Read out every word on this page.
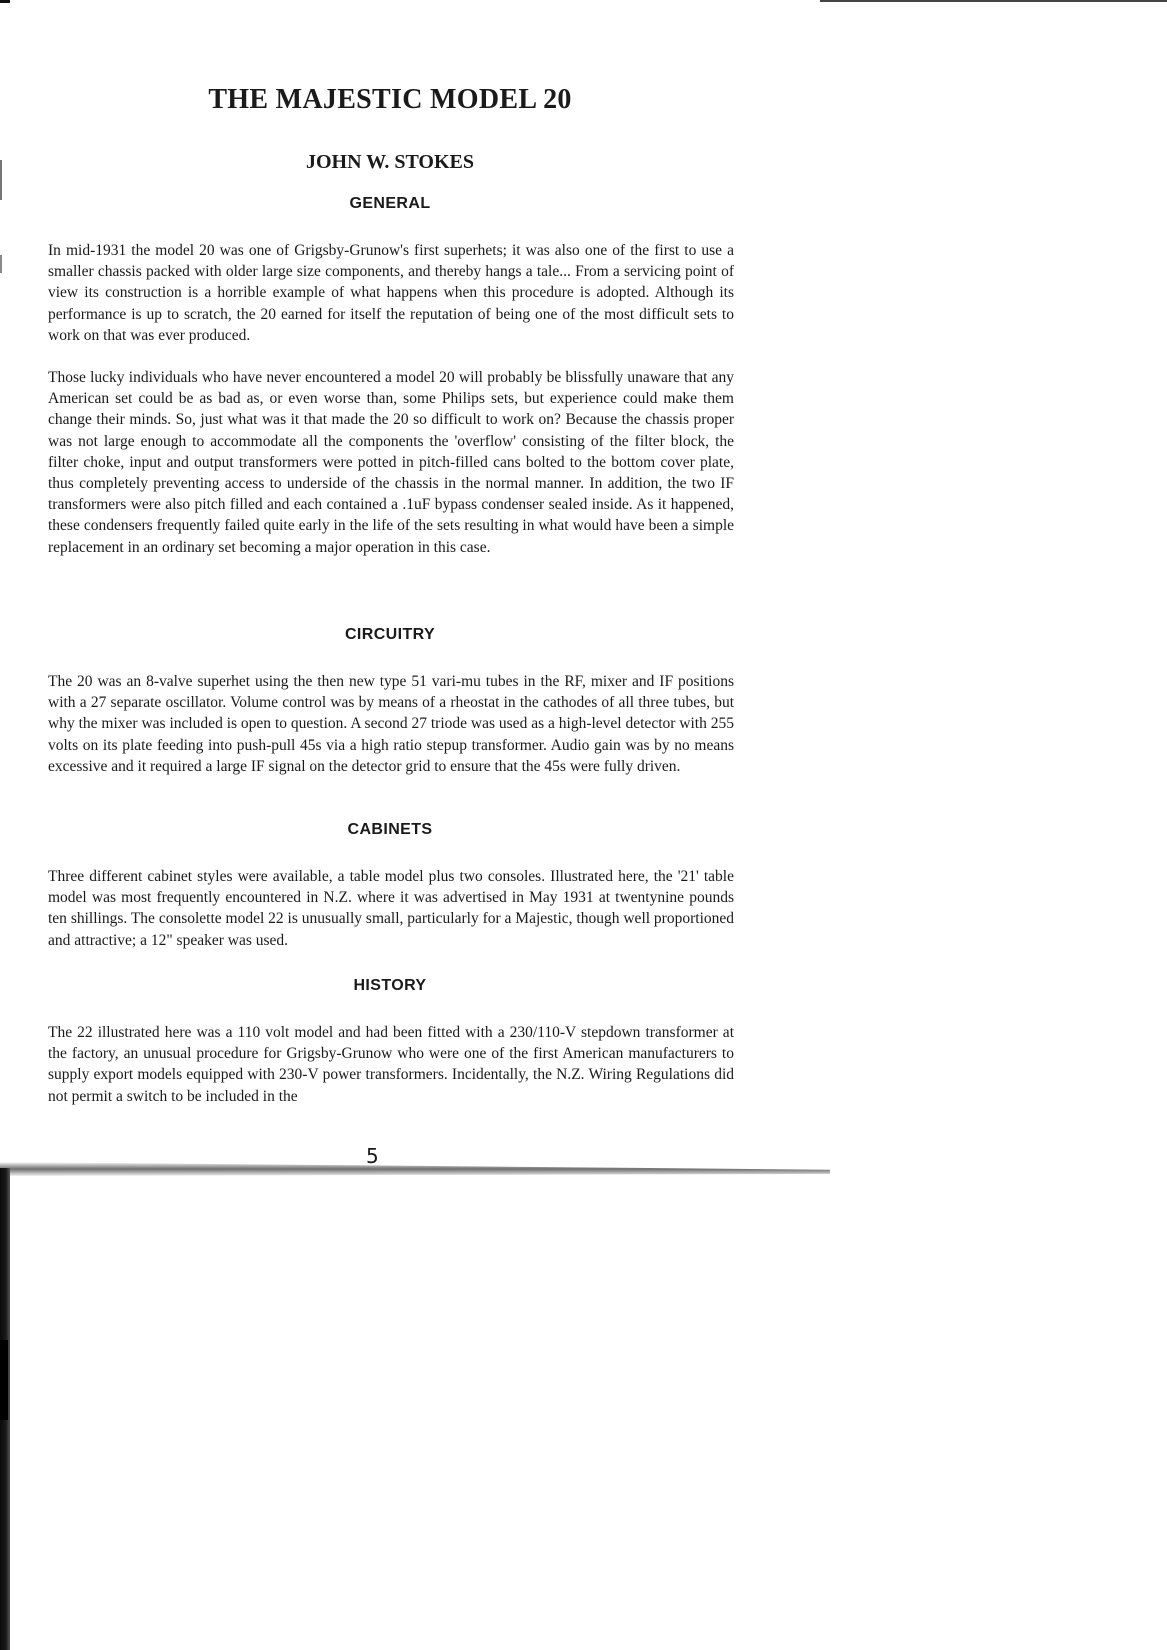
THE MAJESTIC MODEL 20
JOHN W. STOKES
GENERAL

In mid-1931 the model 20 was one of Grigsby-Grunow's first superhets; it was also one of the first to use a smaller chassis packed with older large size components, and thereby hangs a tale... From a servicing point of view its construction is a horrible example of what happens when this procedure is adopted. Although its performance is up to scratch, the 20 earned for itself the reputation of being one of the most difficult sets to work on that was ever produced.

Those lucky individuals who have never encountered a model 20 will probably be blissfully unaware that any American set could be as bad as, or even worse than, some Philips sets, but experience could make them change their minds. So, just what was it that made the 20 so difficult to work on? Because the chassis proper was not large enough to accommodate all the components the 'overflow' consisting of the filter block, the filter choke, input and output transformers were potted in pitch-filled cans bolted to the bottom cover plate, thus completely preventing access to underside of the chassis in the normal manner. In addition, the two IF transformers were also pitch filled and each contained a .1uF bypass condenser sealed inside. As it happened, these condensers frequently failed quite early in the life of the sets resulting in what would have been a simple replacement in an ordinary set becoming a major operation in this case.

CIRCUITRY

The 20 was an 8-valve superhet using the then new type 51 vari-mu tubes in the RF, mixer and IF positions with a 27 separate oscillator. Volume control was by means of a rheostat in the cathodes of all three tubes, but why the mixer was included is open to question. A second 27 triode was used as a high-level detector with 255 volts on its plate feeding into push-pull 45s via a high ratio stepup transformer. Audio gain was by no means excessive and it required a large IF signal on the detector grid to ensure that the 45s were fully driven.

CABINETS

Three different cabinet styles were available, a table model plus two consoles. Illustrated here, the '21' table model was most frequently encountered in N.Z. where it was advertised in May 1931 at twentynine pounds ten shillings. The consolette model 22 is unusually small, particularly for a Majestic, though well proportioned and attractive; a 12" speaker was used.

HISTORY

The 22 illustrated here was a 110 volt model and had been fitted with a 230/110-V stepdown transformer at the factory, an unusual procedure for Grigsby-Grunow who were one of the first American manufacturers to supply export models equipped with 230-V power transformers. Incidentally, the N.Z. Wiring Regulations did not permit a switch to be included in the

5
